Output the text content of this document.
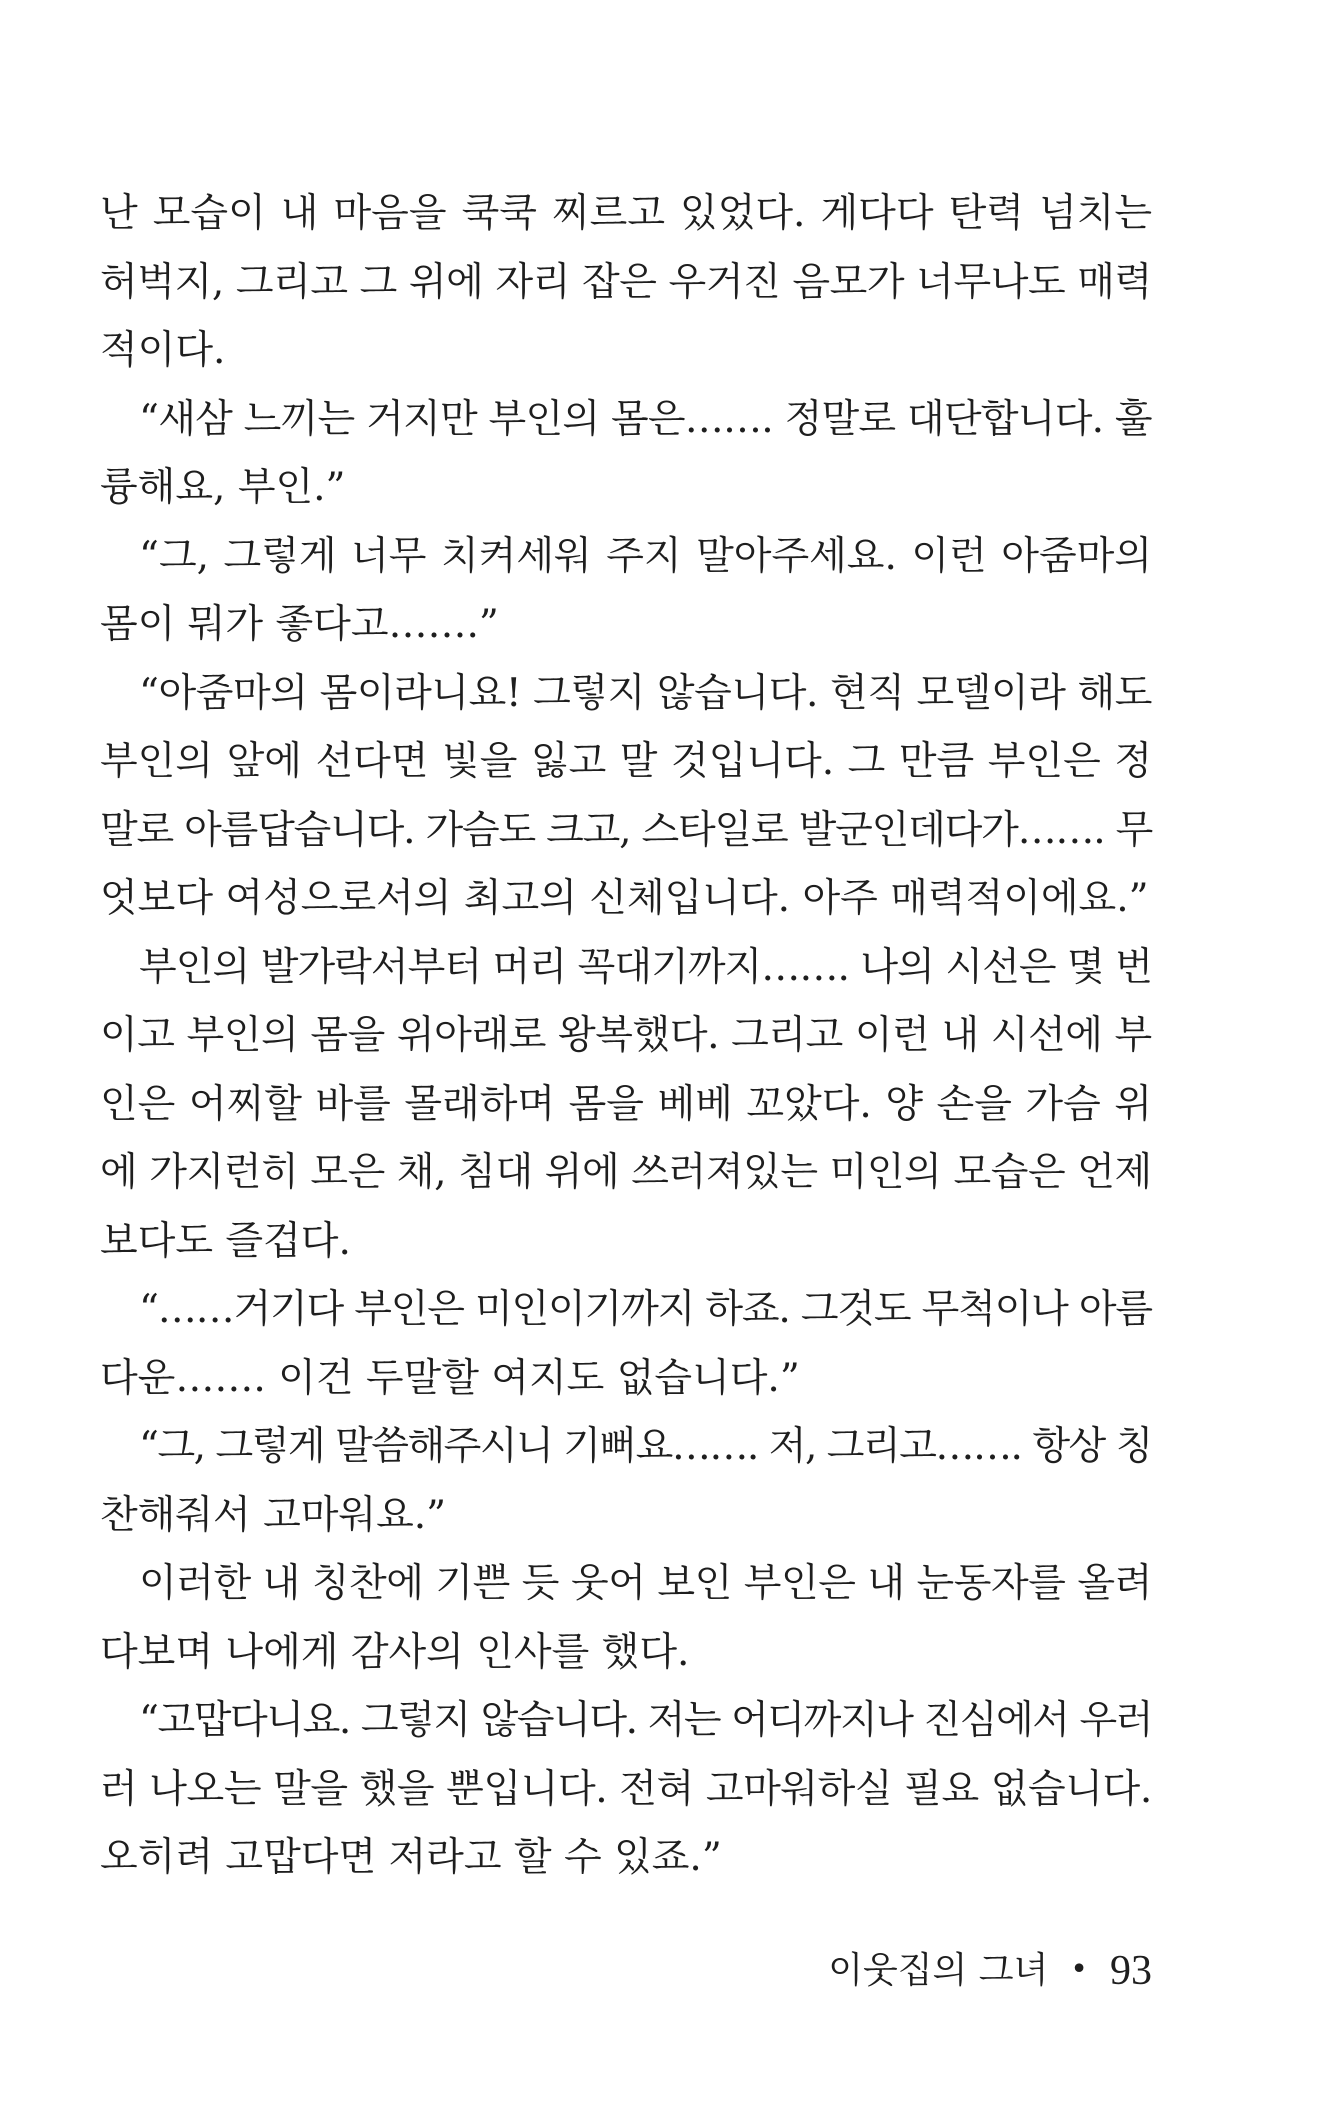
난 모습이 내 마음을 쿡쿡 찌르고 있었다. 게다다 탄력 넘치는
허벅지, 그리고 그 위에 자리 잡은 우거진 음모가 너무나도 매력
적이다.
“새삼 느끼는 거지만 부인의 몸은……. 정말로 대단합니다. 훌
륭해요, 부인.”
“그, 그렇게 너무 치켜세워 주지 말아주세요. 이런 아줌마의
몸이 뭐가 좋다고…….”
“아줌마의 몸이라니요! 그렇지 않습니다. 현직 모델이라 해도
부인의 앞에 선다면 빛을 잃고 말 것입니다. 그 만큼 부인은 정
말로 아름답습니다. 가슴도 크고, 스타일로 발군인데다가……. 무
엇보다 여성으로서의 최고의 신체입니다. 아주 매력적이에요.”
부인의 발가락서부터 머리 꼭대기까지……. 나의 시선은 몇 번
이고 부인의 몸을 위아래로 왕복했다. 그리고 이런 내 시선에 부
인은 어찌할 바를 몰래하며 몸을 베베 꼬았다. 양 손을 가슴 위
에 가지런히 모은 채, 침대 위에 쓰러져있는 미인의 모습은 언제
보다도 즐겁다.
“……거기다 부인은 미인이기까지 하죠. 그것도 무척이나 아름
다운……. 이건 두말할 여지도 없습니다.”
“그, 그렇게 말씀해주시니 기뻐요……. 저, 그리고……. 항상 칭
찬해줘서 고마워요.”
이러한 내 칭찬에 기쁜 듯 웃어 보인 부인은 내 눈동자를 올려
다보며 나에게 감사의 인사를 했다.
“고맙다니요. 그렇지 않습니다. 저는 어디까지나 진심에서 우러
러 나오는 말을 했을 뿐입니다. 전혀 고마워하실 필요 없습니다.
오히려 고맙다면 저라고 할 수 있죠.”
이웃집의 그녀 • 93
